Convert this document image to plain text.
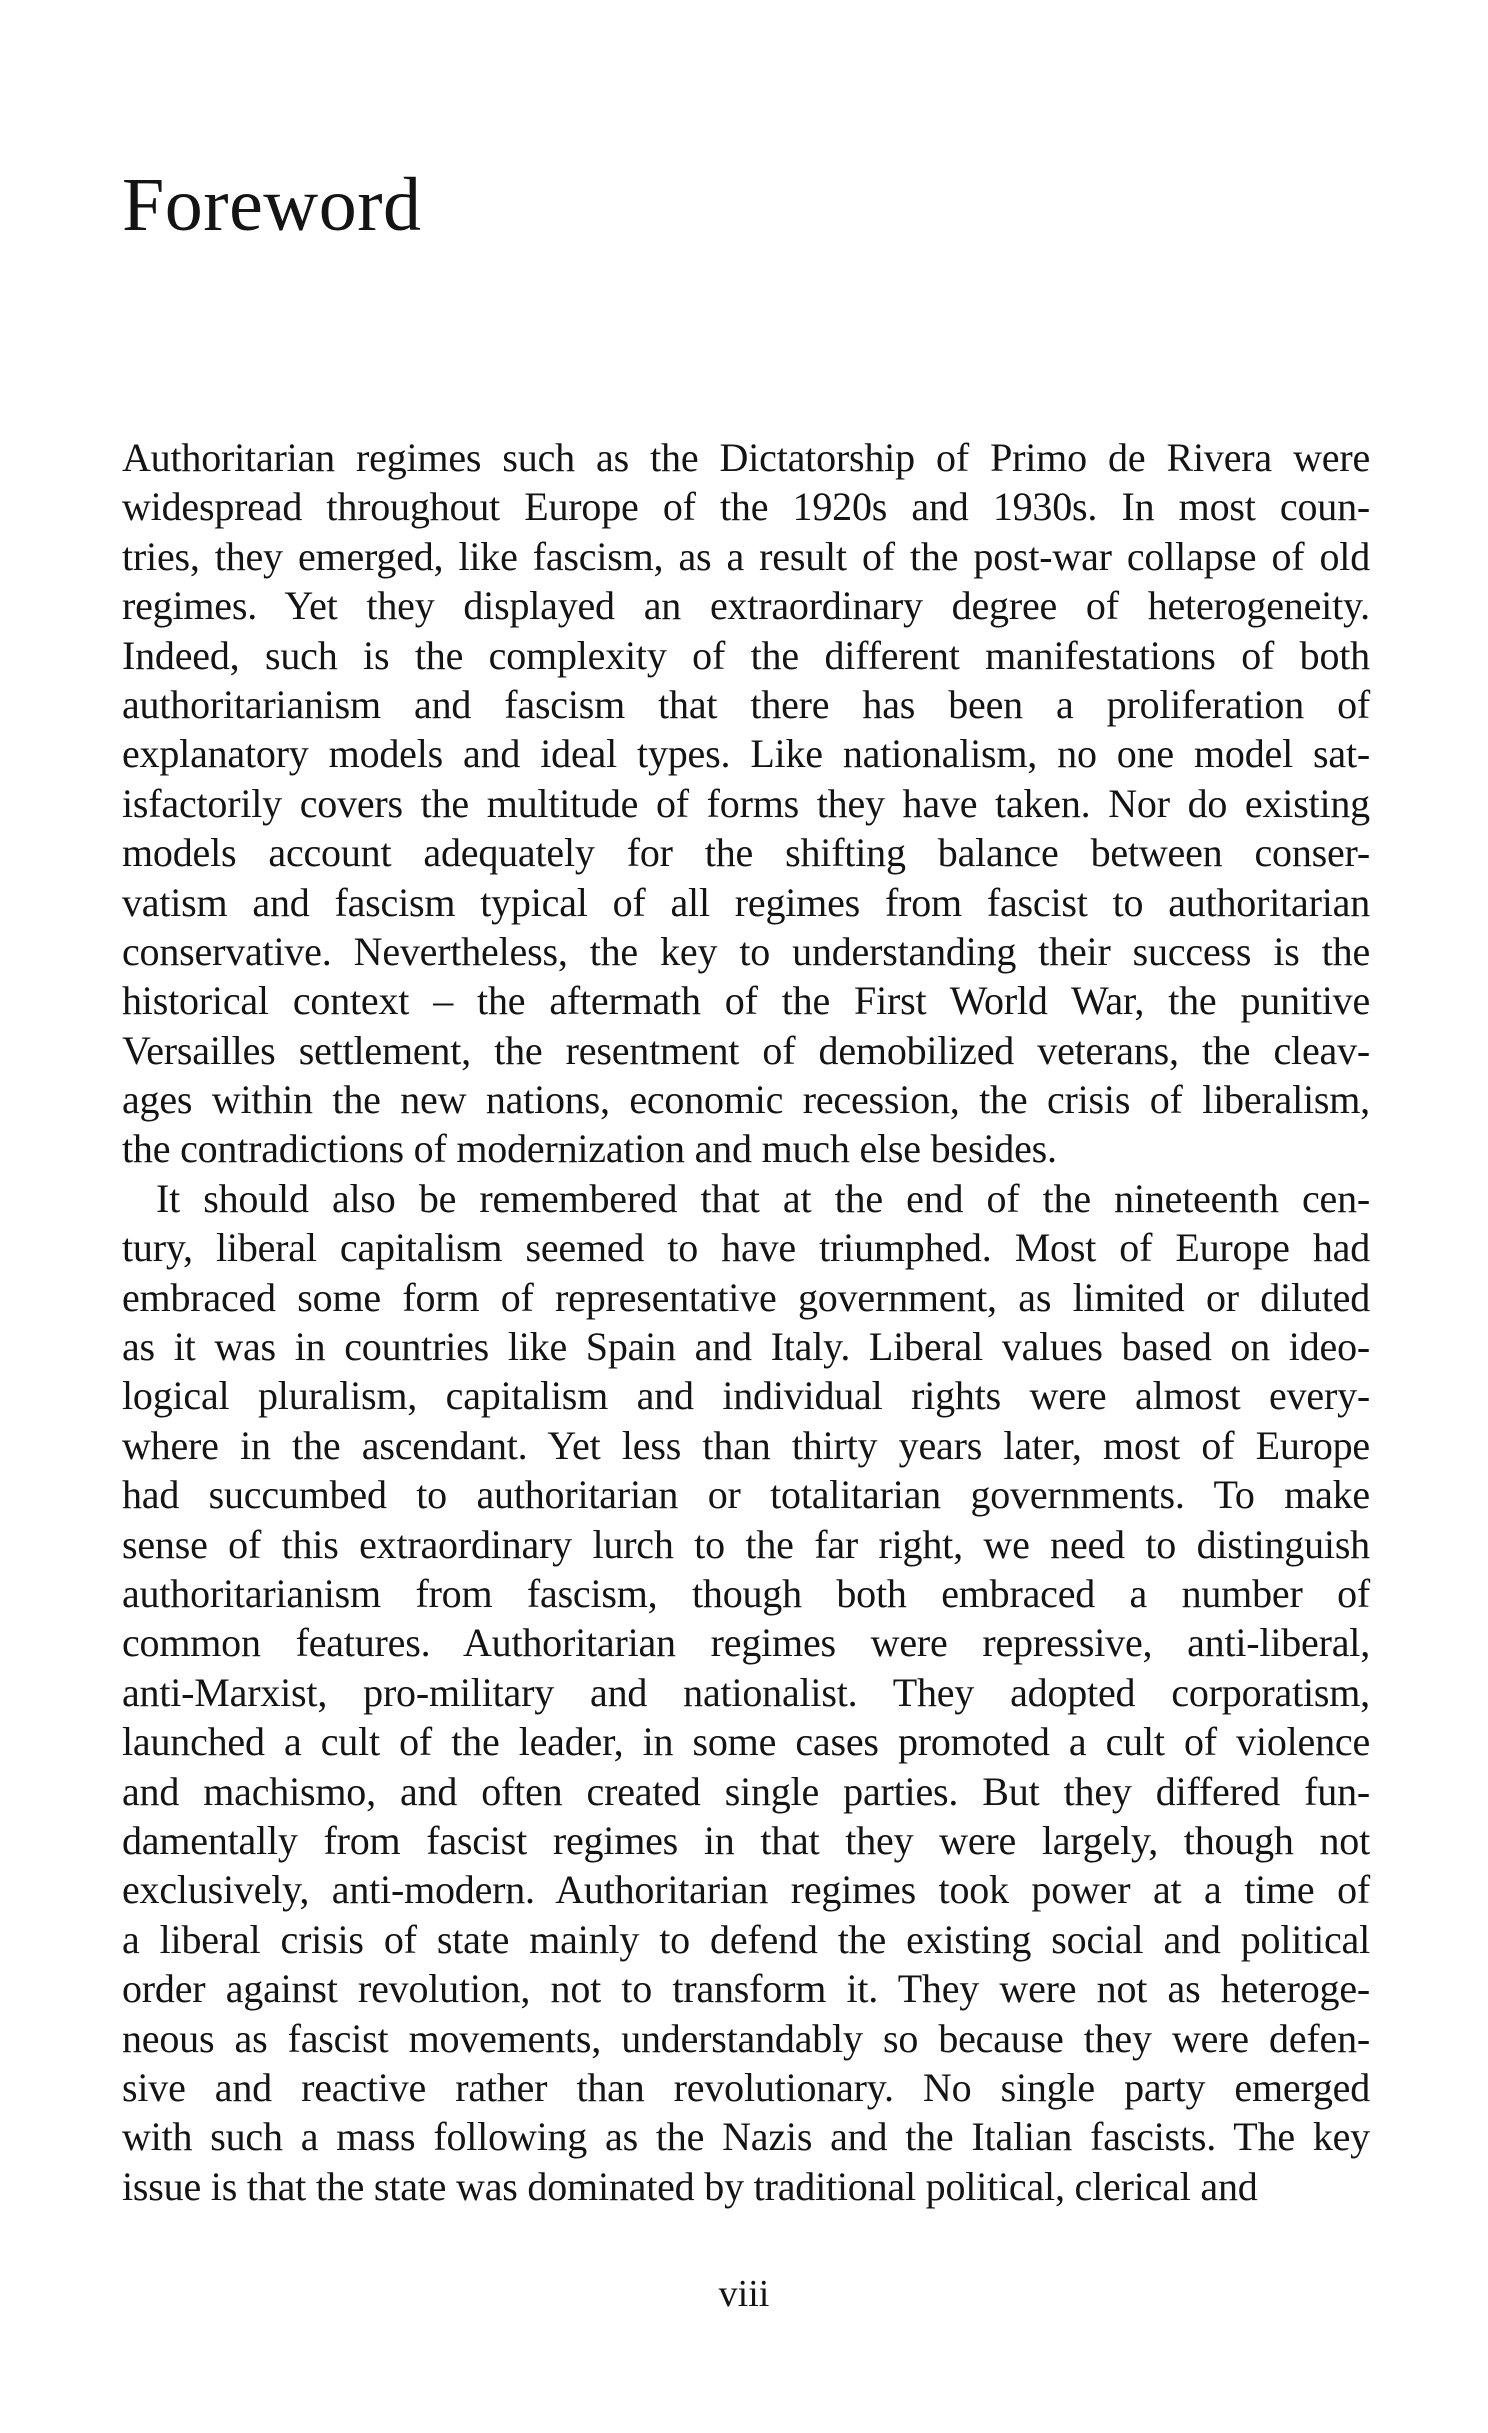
Foreword
Authoritarian regimes such as the Dictatorship of Primo de Rivera were
widespread throughout Europe of the 1920s and 1930s. In most coun-
tries, they emerged, like fascism, as a result of the post-war collapse of old
regimes. Yet they displayed an extraordinary degree of heterogeneity.
Indeed, such is the complexity of the different manifestations of both
authoritarianism and fascism that there has been a proliferation of
explanatory models and ideal types. Like nationalism, no one model sat-
isfactorily covers the multitude of forms they have taken. Nor do existing
models account adequately for the shifting balance between conser-
vatism and fascism typical of all regimes from fascist to authoritarian
conservative. Nevertheless, the key to understanding their success is the
historical context – the aftermath of the First World War, the punitive
Versailles settlement, the resentment of demobilized veterans, the cleav-
ages within the new nations, economic recession, the crisis of liberalism,
the contradictions of modernization and much else besides.
It should also be remembered that at the end of the nineteenth cen-
tury, liberal capitalism seemed to have triumphed. Most of Europe had
embraced some form of representative government, as limited or diluted
as it was in countries like Spain and Italy. Liberal values based on ideo-
logical pluralism, capitalism and individual rights were almost every-
where in the ascendant. Yet less than thirty years later, most of Europe
had succumbed to authoritarian or totalitarian governments. To make
sense of this extraordinary lurch to the far right, we need to distinguish
authoritarianism from fascism, though both embraced a number of
common features. Authoritarian regimes were repressive, anti-liberal,
anti-Marxist, pro-military and nationalist. They adopted corporatism,
launched a cult of the leader, in some cases promoted a cult of violence
and machismo, and often created single parties. But they differed fun-
damentally from fascist regimes in that they were largely, though not
exclusively, anti-modern. Authoritarian regimes took power at a time of
a liberal crisis of state mainly to defend the existing social and political
order against revolution, not to transform it. They were not as heteroge-
neous as fascist movements, understandably so because they were defen-
sive and reactive rather than revolutionary. No single party emerged
with such a mass following as the Nazis and the Italian fascists. The key
issue is that the state was dominated by traditional political, clerical and
viii
